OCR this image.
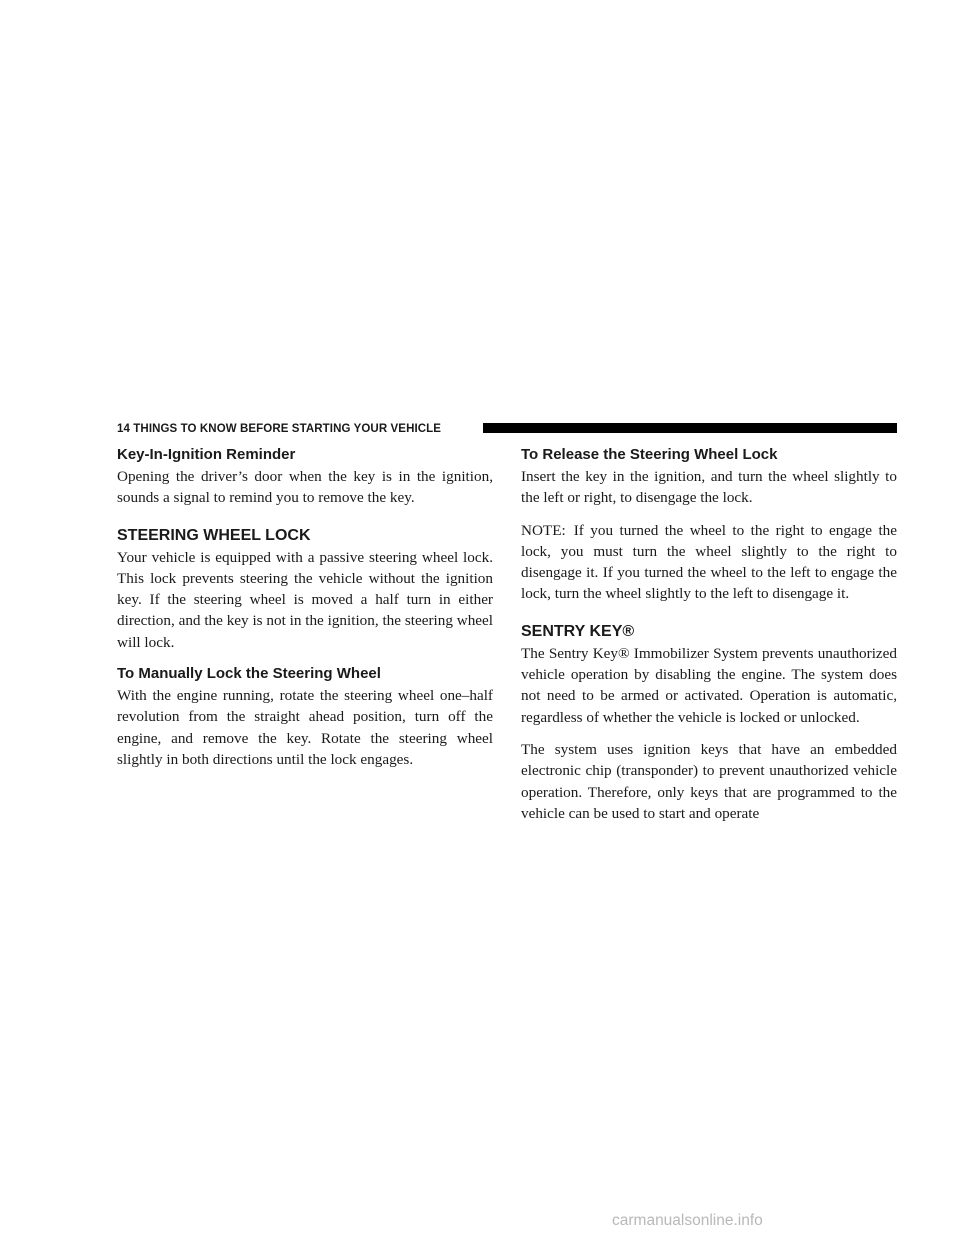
14 THINGS TO KNOW BEFORE STARTING YOUR VEHICLE
Key-In-Ignition Reminder

Opening the driver’s door when the key is in the ignition, sounds a signal to remind you to remove the key.

STEERING WHEEL LOCK

Your vehicle is equipped with a passive steering wheel lock. This lock prevents steering the vehicle without the ignition key. If the steering wheel is moved a half turn in either direction, and the key is not in the ignition, the steering wheel will lock.

To Manually Lock the Steering Wheel

With the engine running, rotate the steering wheel one–half revolution from the straight ahead position, turn off the engine, and remove the key. Rotate the steering wheel slightly in both directions until the lock engages.

To Release the Steering Wheel Lock

Insert the key in the ignition, and turn the wheel slightly to the left or right, to disengage the lock.

NOTE: If you turned the wheel to the right to engage the lock, you must turn the wheel slightly to the right to disengage it. If you turned the wheel to the left to engage the lock, turn the wheel slightly to the left to disengage it.

SENTRY KEY®

The Sentry Key® Immobilizer System prevents unauthorized vehicle operation by disabling the engine. The system does not need to be armed or activated. Operation is automatic, regardless of whether the vehicle is locked or unlocked.

The system uses ignition keys that have an embedded electronic chip (transponder) to prevent unauthorized vehicle operation. Therefore, only keys that are programmed to the vehicle can be used to start and operate

carmanualsonline.info
